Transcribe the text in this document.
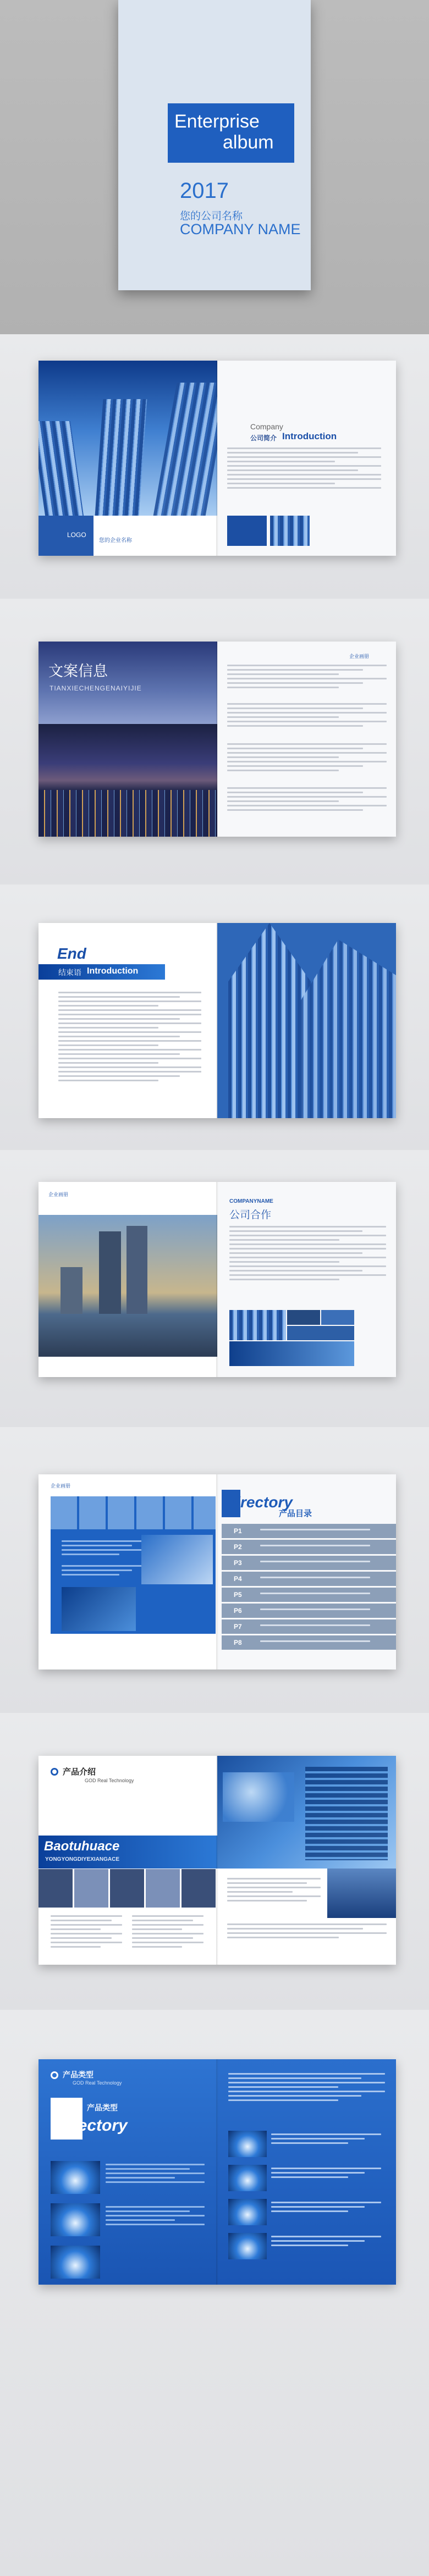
Enterprise
album
2017
您的公司名称
COMPANY NAME
LOGO
您的企业名称
Company
公司简介 Introduction
文案信息
TIANXIECHENGENAIYIJIE
企业画册
End
结束语 Introduction
企业画册
COMPANYNAME
公司合作
企业画册
Directory
产品目录
P1
P2
P3
P4
P5
P6
P7
P8
产品介绍
GOD Real Technology
Baotuhuace
YONGYONGDIYEXIANGACE
产品类型
GOD Real Technology
产品类型
Directory
